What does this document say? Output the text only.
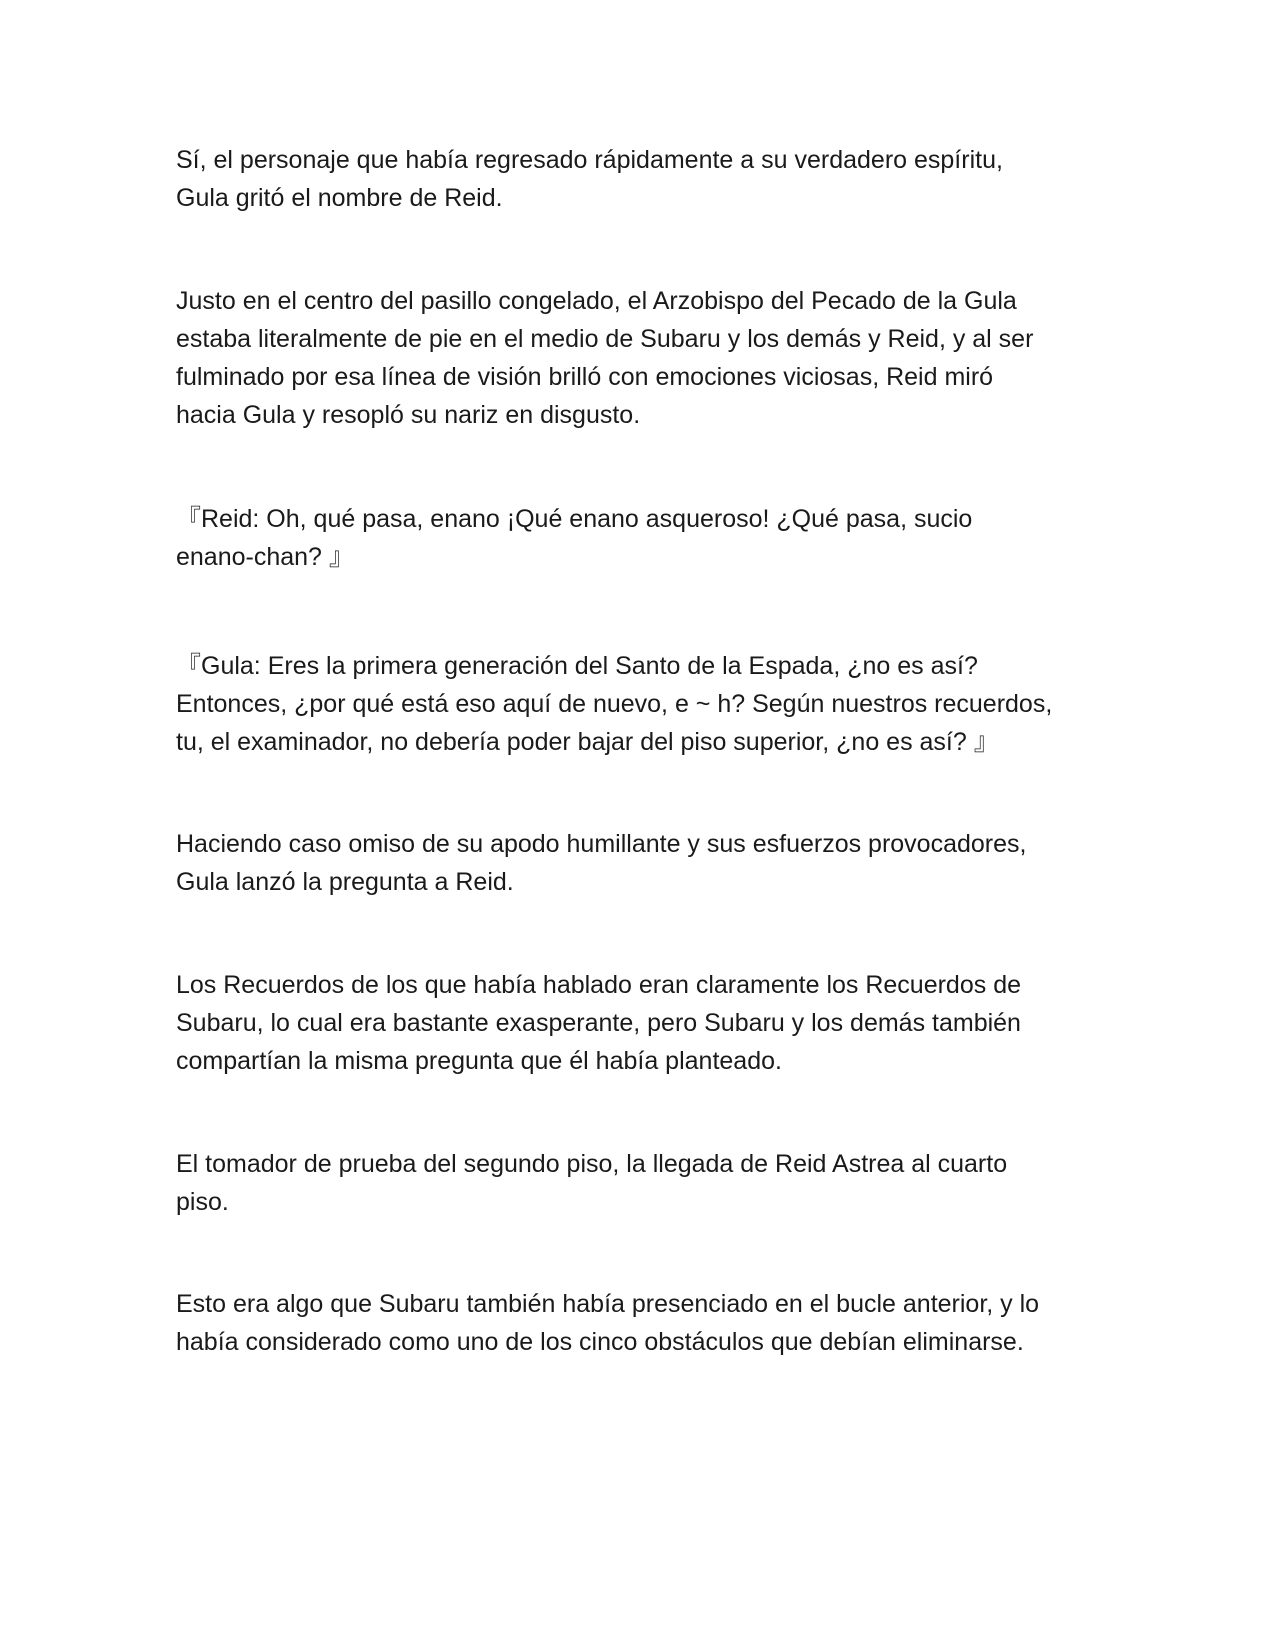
Sí, el personaje que había regresado rápidamente a su verdadero espíritu,
Gula gritó el nombre de Reid.

Justo en el centro del pasillo congelado, el Arzobispo del Pecado de la Gula
estaba literalmente de pie en el medio de Subaru y los demás y Reid, y al ser
fulminado por esa línea de visión brilló con emociones viciosas, Reid miró
hacia Gula y resopló su nariz en disgusto.

『Reid: Oh, qué pasa, enano ¡Qué enano asqueroso! ¿Qué pasa, sucio
enano-chan? 』

『Gula: Eres la primera generación del Santo de la Espada, ¿no es así?
Entonces, ¿por qué está eso aquí de nuevo, e ~ h? Según nuestros recuerdos,
tu, el examinador, no debería poder bajar del piso superior, ¿no es así? 』

Haciendo caso omiso de su apodo humillante y sus esfuerzos provocadores,
Gula lanzó la pregunta a Reid.

Los Recuerdos de los que había hablado eran claramente los Recuerdos de
Subaru, lo cual era bastante exasperante, pero Subaru y los demás también
compartían la misma pregunta que él había planteado.

El tomador de prueba del segundo piso, la llegada de Reid Astrea al cuarto
piso.

Esto era algo que Subaru también había presenciado en el bucle anterior, y lo
había considerado como uno de los cinco obstáculos que debían eliminarse.
